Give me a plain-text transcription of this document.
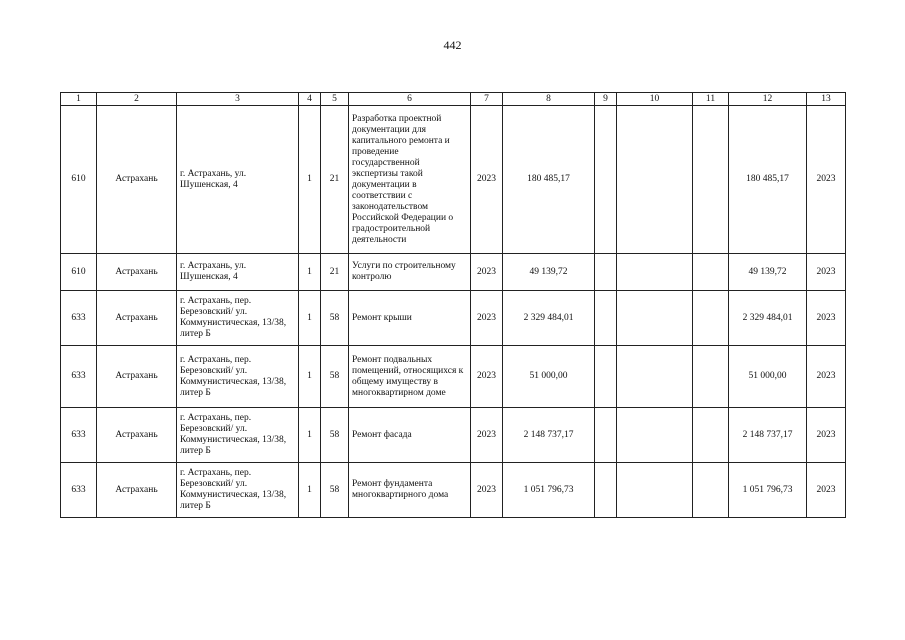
442
1	2	3	4	5	6	7	8	9	10	11	12	13
610	Астрахань	г. Астрахань, ул. Шушенская, 4	1	21	Разработка проектной документации для капитального ремонта и проведение государственной экспертизы такой документации в соответствии с законодательством Российской Федерации о градостроительной деятельности	2023	180 485,17				180 485,17	2023
610	Астрахань	г. Астрахань, ул. Шушенская, 4	1	21	Услуги по строительному контролю	2023	49 139,72				49 139,72	2023
633	Астрахань	г. Астрахань, пер. Березовский/ ул. Коммунистическая, 13/38, литер Б	1	58	Ремонт крыши	2023	2 329 484,01				2 329 484,01	2023
633	Астрахань	г. Астрахань, пер. Березовский/ ул. Коммунистическая, 13/38, литер Б	1	58	Ремонт подвальных помещений, относящихся к общему имуществу в многоквартирном доме	2023	51 000,00				51 000,00	2023
633	Астрахань	г. Астрахань, пер. Березовский/ ул. Коммунистическая, 13/38, литер Б	1	58	Ремонт фасада	2023	2 148 737,17				2 148 737,17	2023
633	Астрахань	г. Астрахань, пер. Березовский/ ул. Коммунистическая, 13/38, литер Б	1	58	Ремонт фундамента многоквартирного дома	2023	1 051 796,73				1 051 796,73	2023
